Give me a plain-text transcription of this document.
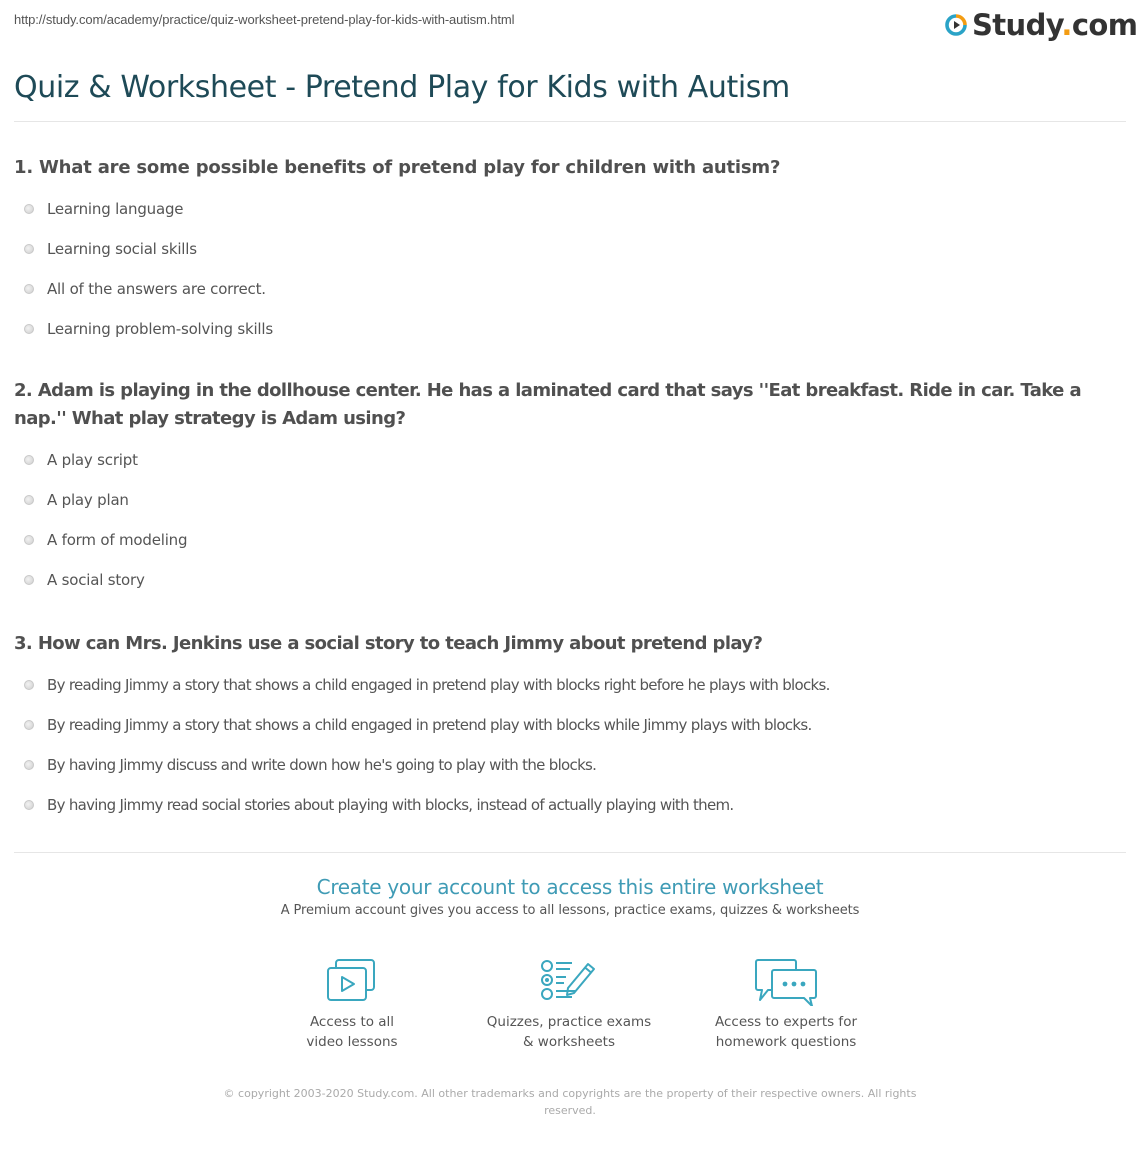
http://study.com/academy/practice/quiz-worksheet-pretend-play-for-kids-with-autism.html	Study.com
Quiz & Worksheet - Pretend Play for Kids with Autism
1. What are some possible benefits of pretend play for children with autism?
Learning language
Learning social skills
All of the answers are correct.
Learning problem-solving skills
2. Adam is playing in the dollhouse center. He has a laminated card that says ''Eat breakfast. Ride in car. Take a nap.'' What play strategy is Adam using?
A play script
A play plan
A form of modeling
A social story
3. How can Mrs. Jenkins use a social story to teach Jimmy about pretend play?
By reading Jimmy a story that shows a child engaged in pretend play with blocks right before he plays with blocks.
By reading Jimmy a story that shows a child engaged in pretend play with blocks while Jimmy plays with blocks.
By having Jimmy discuss and write down how he's going to play with the blocks.
By having Jimmy read social stories about playing with blocks, instead of actually playing with them.
Create your account to access this entire worksheet
A Premium account gives you access to all lessons, practice exams, quizzes & worksheets
Access to all
video lessons
Quizzes, practice exams
& worksheets
Access to experts for
homework questions
© copyright 2003-2020 Study.com. All other trademarks and copyrights are the property of their respective owners. All rights reserved.
